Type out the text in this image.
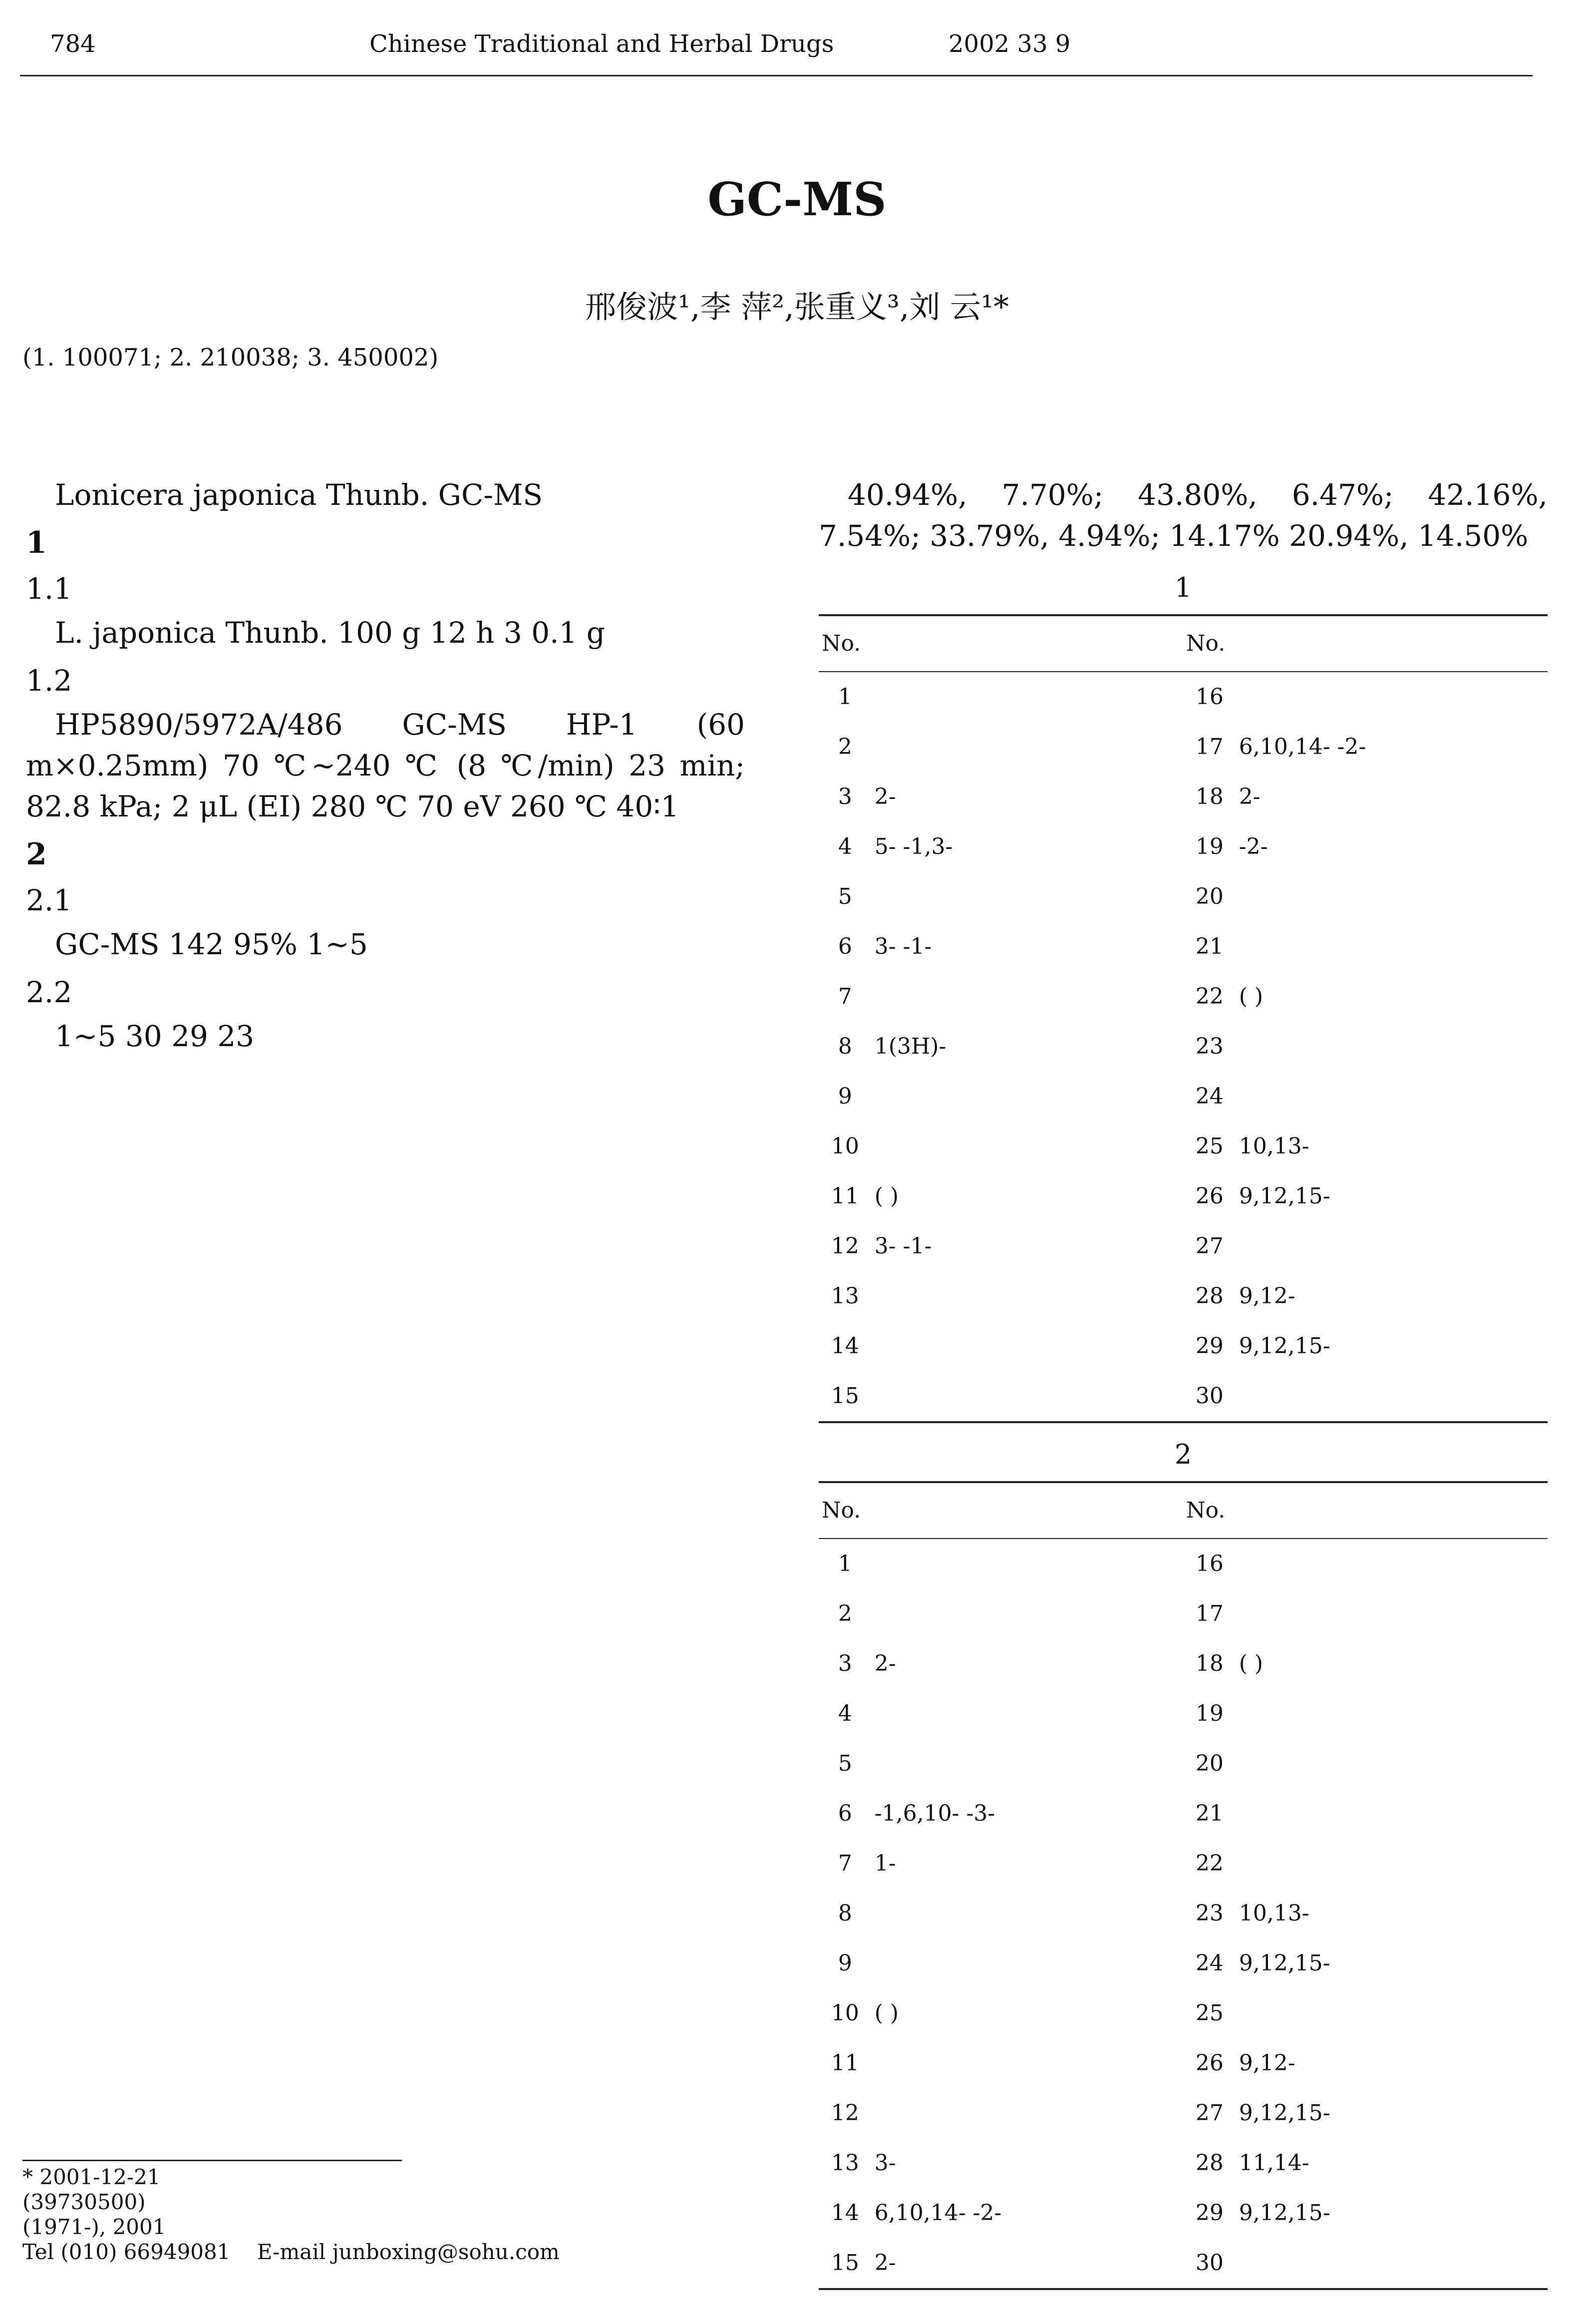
784	Chinese Traditional and Herbal Drugs	2002 33 9
GC-MS
邢俊波¹,李 萍²,张重义³,刘 云¹*
(1. 100071; 2. 210038; 3. 450002)

Lonicera japonica Thunb. GC-MS

1
1.1

L. japonica Thunb. 100 g 12 h 3 0.1 g

1.2

HP5890/5972A/486 GC-MS HP-1 (60 m×0.25mm) 70 ℃~240 ℃ (8 ℃/min) 23 min; 82.8 kPa; 2 μL (EI) 280 ℃ 70 eV 260 ℃ 40∶1

2
2.1

GC-MS 142 95% 1~5

2.2

1~5 30 29 23

40.94%, 7.70%; 43.80%, 6.47%; 42.16%, 7.54%; 33.79%, 4.94%; 14.17% 20.94%, 14.50%

1
No.		No.	
1		16	
2		17	6,10,14- -2-
3	2-	18	2-
4	5- -1,3-	19	-2-
5		20	
6	3- -1-	21	
7		22	( )
8	1(3H)-	23	
9		24	
10		25	10,13-
11	( )	26	9,12,15-
12	3- -1-	27	
13		28	9,12-
14		29	9,12,15-
15		30	
2
No.		No.	
1		16	
2		17	
3	2-	18	( )
4		19	
5		20	
6	-1,6,10- -3-	21	
7	1-	22	
8		23	10,13-
9		24	9,12,15-
10	( )	25	
11		26	9,12-
12		27	9,12,15-
13	3-	28	11,14-
14	6,10,14- -2-	29	9,12,15-
15	2-	30	
* 2001-12-21
(39730500)
(1971-), 2001
Tel (010) 66949081    E-mail junboxing@sohu.com
